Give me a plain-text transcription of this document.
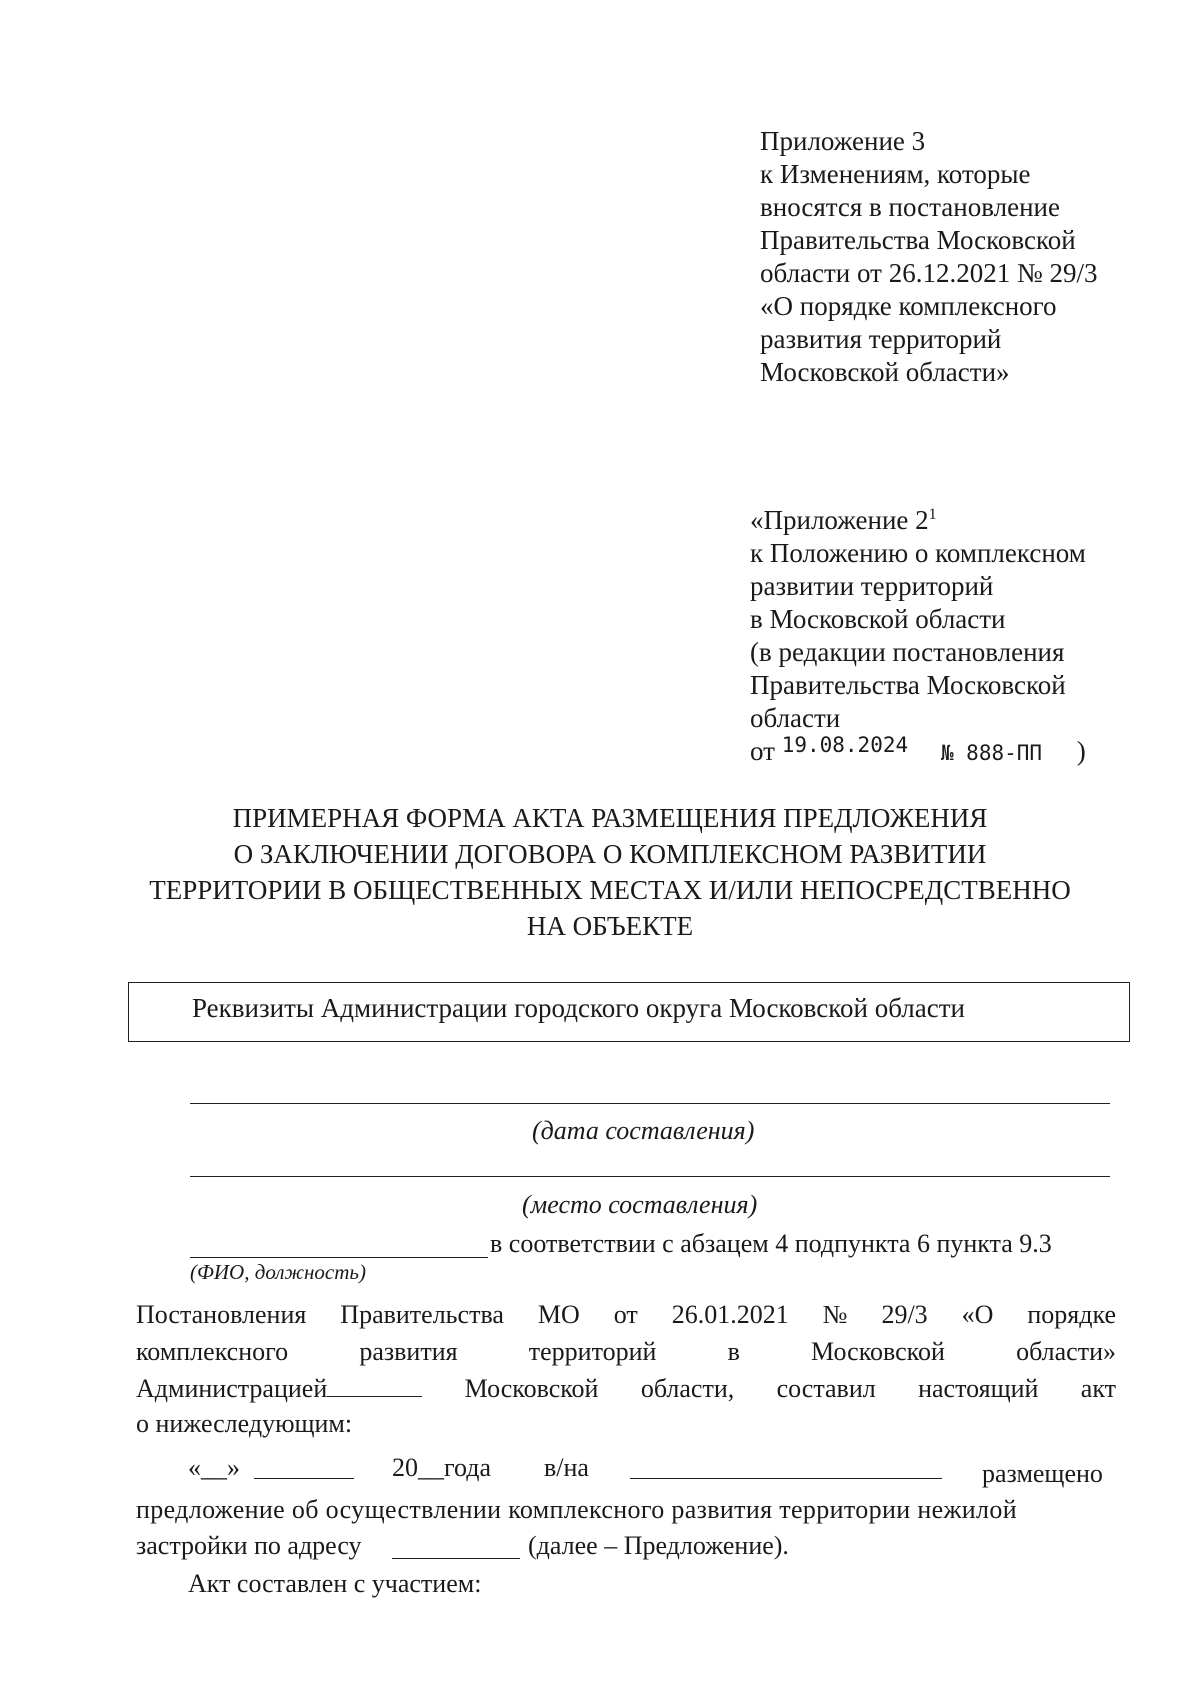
Приложение 3
к Изменениям, которые
вносятся в постановление
Правительства Московской
области от 26.12.2021 № 29/3
«О порядке комплексного
развития территорий
Московской области»
«Приложение $2^1$
к Положению о комплексном
развитии территорий
в Московской области
(в редакции постановления
Правительства Московской
области
от $^{19.08.2024}$ № 888-ПП )
ПРИМЕРНАЯ ФОРМА АКТА РАЗМЕЩЕНИЯ ПРЕДЛОЖЕНИЯ
О ЗАКЛЮЧЕНИИ ДОГОВОРА О КОМПЛЕКСНОМ РАЗВИТИИ
ТЕРРИТОРИИ В ОБЩЕСТВЕННЫХ МЕСТАХ И/ИЛИ НЕПОСРЕДСТВЕННО
НА ОБЪЕКТЕ
Реквизиты Администрации городского округа Московской области
(дата составления)
(место составления)
в соответствии с абзацем 4 подпункта 6 пункта 9.3
(ФИО, должность)
Постановления Правительства МО от 26.01.2021 № 29/3 «О порядке
комплексного	развития	территорий	в	Московской	области»
Администрацией	Московской области, составил настоящий акт
о нижеследующим:
«__»	20__года в/на	размещено
предложение об осуществлении комплексного развития территории нежилой
застройки по адресу	(далее – Предложение).
Акт составлен с участием:
